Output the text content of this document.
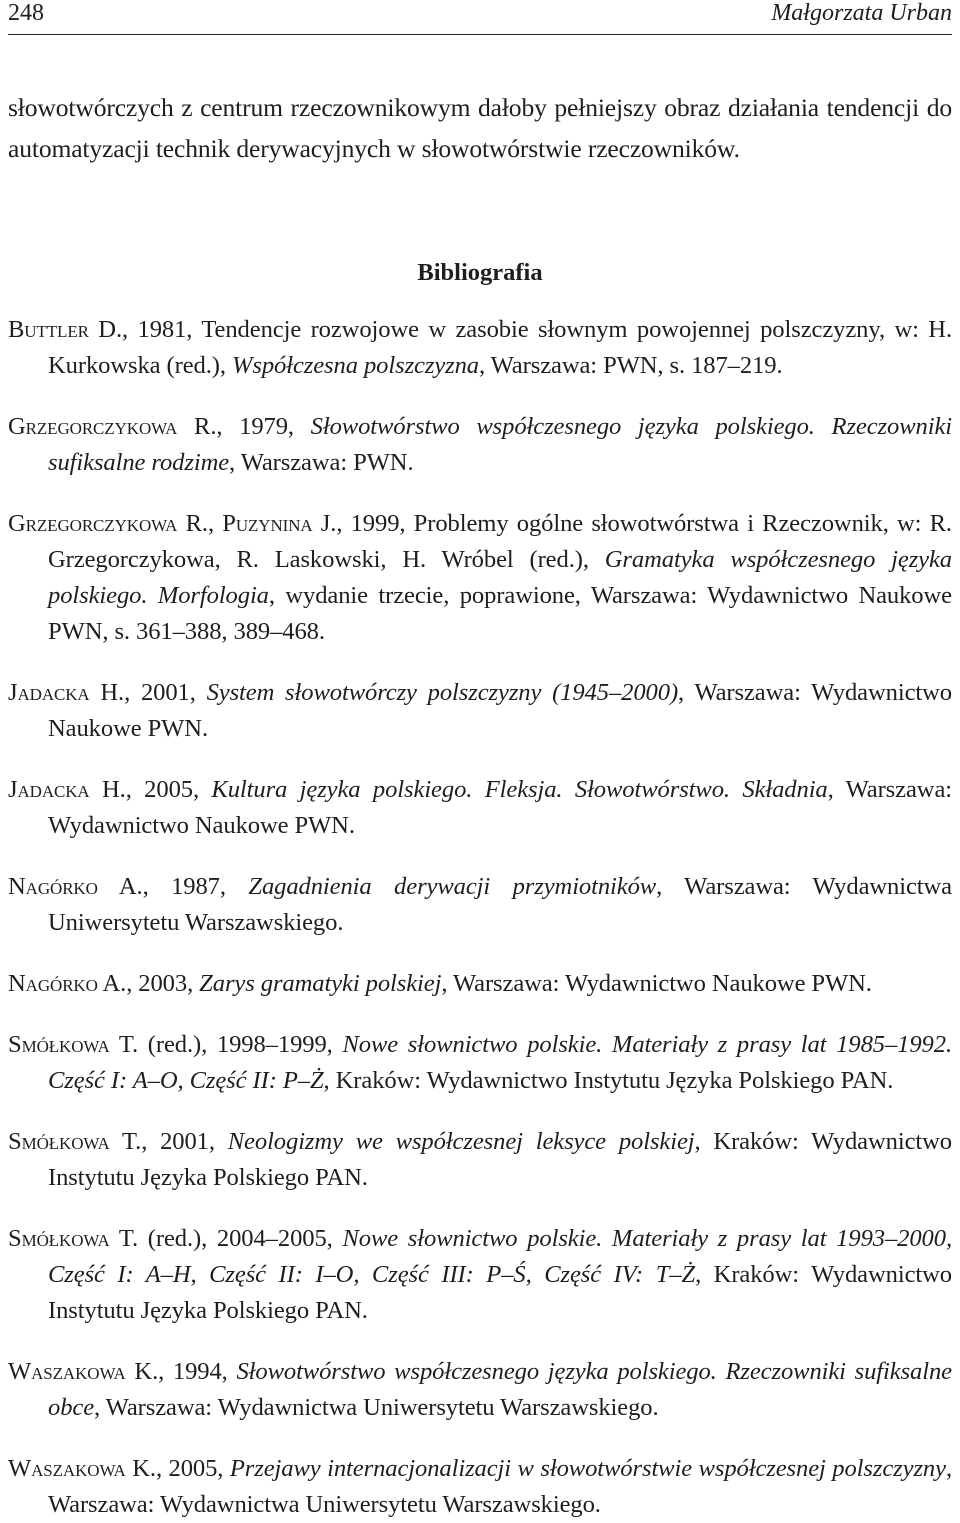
248	Małgorzata Urban

słowotwórczych z centrum rzeczownikowym dałoby pełniejszy obraz działania tendencji do automatyzacji technik derywacyjnych w słowotwórstwie rzeczowników.

Bibliografia

Buttler D., 1981, Tendencje rozwojowe w zasobie słownym powojennej polszczyzny, w: H. Kurkowska (red.), Współczesna polszczyzna, Warszawa: PWN, s. 187–219.

Grzegorczykowa R., 1979, Słowotwórstwo współczesnego języka polskiego. Rzeczowniki sufiksalne rodzime, Warszawa: PWN.

Grzegorczykowa R., Puzynina J., 1999, Problemy ogólne słowotwórstwa i Rzeczownik, w: R. Grzegorczykowa, R. Laskowski, H. Wróbel (red.), Gramatyka współczesnego języka polskiego. Morfologia, wydanie trzecie, poprawione, Warszawa: Wydawnictwo Naukowe PWN, s. 361–388, 389–468.

Jadacka H., 2001, System słowotwórczy polszczyzny (1945–2000), Warszawa: Wydawnictwo Naukowe PWN.

Jadacka H., 2005, Kultura języka polskiego. Fleksja. Słowotwórstwo. Składnia, Warszawa: Wydawnictwo Naukowe PWN.

Nagórko A., 1987, Zagadnienia derywacji przymiotników, Warszawa: Wydawnictwa Uniwersytetu Warszawskiego.

Nagórko A., 2003, Zarys gramatyki polskiej, Warszawa: Wydawnictwo Naukowe PWN.

Smółkowa T. (red.), 1998–1999, Nowe słownictwo polskie. Materiały z prasy lat 1985–1992. Część I: A–O, Część II: P–Ż, Kraków: Wydawnictwo Instytutu Języka Polskiego PAN.

Smółkowa T., 2001, Neologizmy we współczesnej leksyce polskiej, Kraków: Wydawnictwo Instytutu Języka Polskiego PAN.

Smółkowa T. (red.), 2004–2005, Nowe słownictwo polskie. Materiały z prasy lat 1993–2000, Część I: A–H, Część II: I–O, Część III: P–Ś, Część IV: T–Ż, Kraków: Wydawnictwo Instytutu Języka Polskiego PAN.

Waszakowa K., 1994, Słowotwórstwo współczesnego języka polskiego. Rzeczowniki sufiksalne obce, Warszawa: Wydawnictwa Uniwersytetu Warszawskiego.

Waszakowa K., 2005, Przejawy internacjonalizacji w słowotwórstwie współczesnej polszczyzny, Warszawa: Wydawnictwa Uniwersytetu Warszawskiego.
